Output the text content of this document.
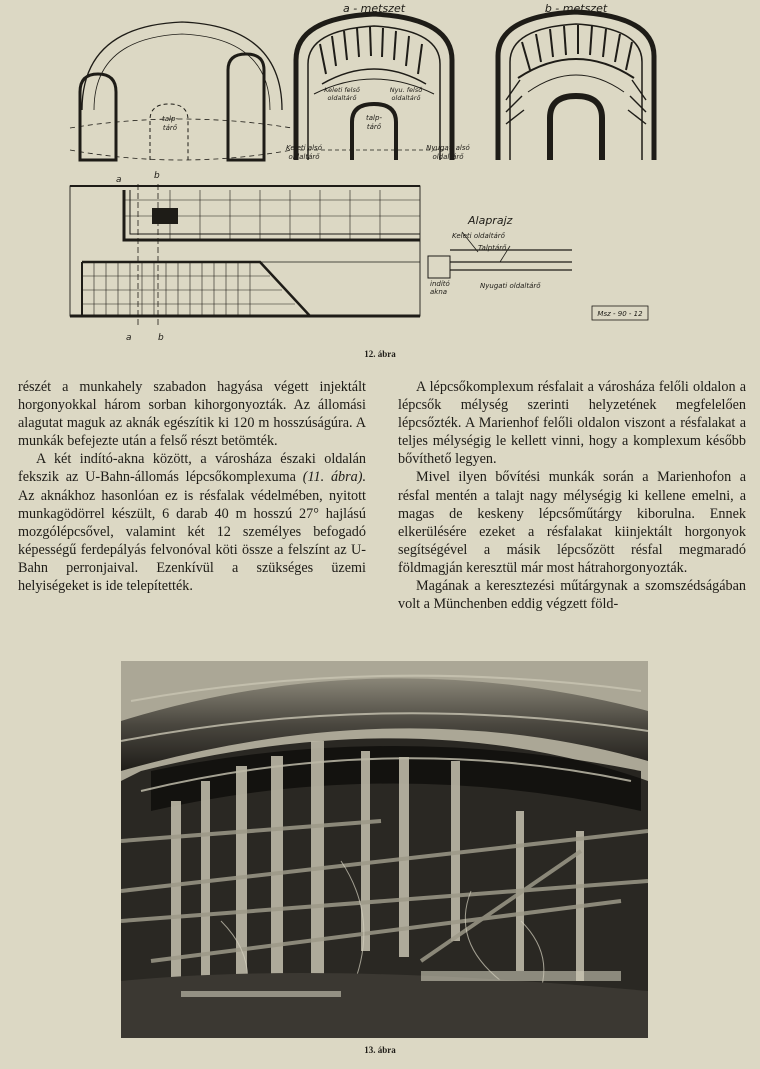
a - metszet	b - metszet
talp-
tárő
Keleti felső
oldaltárő
Nyu. felső
oldaltárő
talp-
tárő
Keleti alsó
oldaltárő
Nyugati alsó
oldaltárő
a	b
a	b
Alaprajz
Keleti oldaltárő
Talptárő
indító
akna
Nyugati oldaltárő
Msz - 90 - 12
12. ábra

részét a munkahely szabadon hagyása végett injektált horgonyokkal három sorban kihorgonyozták. Az állomási alagutat maguk az aknák egészítik ki 120 m hosszúságúra. A munkák befejezte után a felső részt betömték.

A két indító-akna között, a városháza északi oldalán fekszik az U-Bahn-állomás lépcsőkomplexuma (11. ábra). Az aknákhoz hasonlóan ez is résfalak védelmében, nyitott munkagödörrel készült, 6 darab 40 m hosszú 27° hajlású mozgólépcsővel, valamint két 12 személyes befogadó képességű ferdepályás felvonóval köti össze a felszínt az U-Bahn perronjaival. Ezenkívül a szükséges üzemi helyiségeket is ide telepítették.

A lépcsőkomplexum résfalait a városháza felőli oldalon a lépcsők mélység szerinti helyzetének megfelelően lépcsőzték. A Marienhof felőli oldalon viszont a résfalakat a teljes mélységig le kellett vinni, hogy a komplexum később bővíthető legyen.

Mivel ilyen bővítési munkák során a Marienhofon a résfal mentén a talajt nagy mélységig ki kellene emelni, a magas de keskeny lépcsőműtárgy kiborulna. Ennek elkerülésére ezeket a résfalakat kiinjektált horgonyok segítségével a másik lépcsőzött résfal megmaradó földmagján keresztül már most hátrahorgonyozták.

Magának a keresztezési műtárgynak a szomszédságában volt a Münchenben eddig végzett föld-

13. ábra
